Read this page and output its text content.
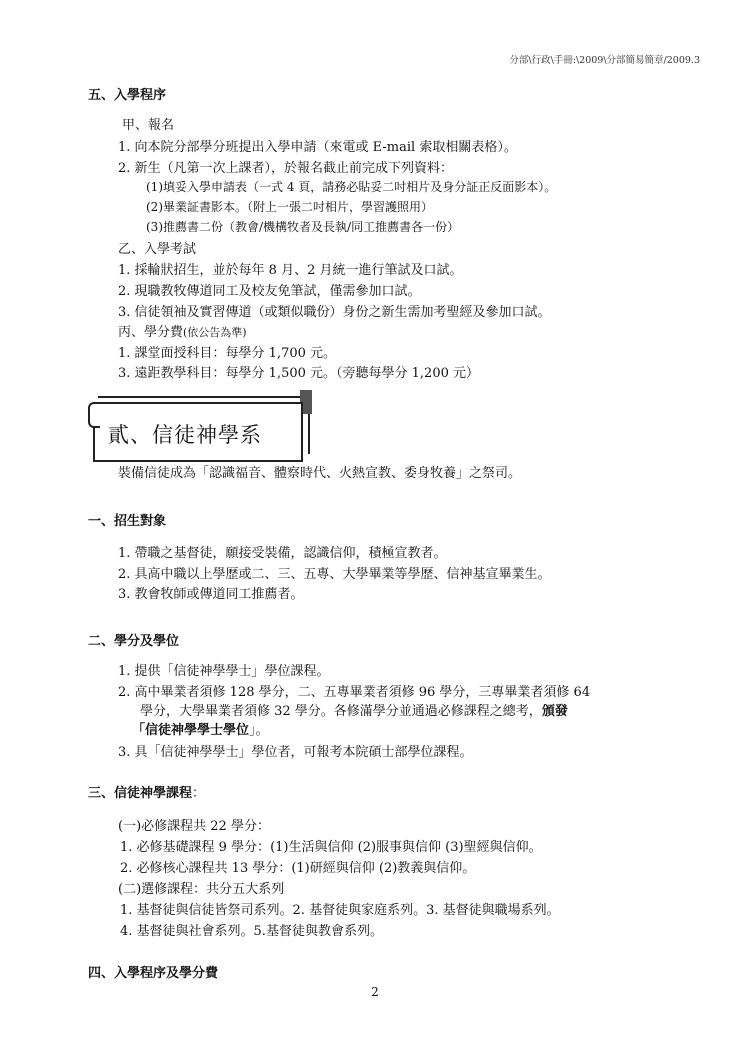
分部\行政\手冊:\2009\分部簡易簡章/2009.3
五、入學程序
甲、報名
1. 向本院分部學分班提出入學申請（來電或 E-mail 索取相關表格）。
2. 新生（凡第一次上課者），於報名截止前完成下列資料：
(1)填妥入學申請表（一式 4 頁，請務必貼妥二吋相片及身分証正反面影本）。
(2)畢業証書影本。（附上一張二吋相片，學習護照用）
(3)推薦書二份（教會/機構牧者及長執/同工推薦書各一份）
乙、入學考試
1. 採輪狀招生，並於每年 8 月、2 月統一進行筆試及口試。
2. 現職教牧傳道同工及校友免筆試，僅需參加口試。
3. 信徒領袖及實習傳道（或類似職份）身份之新生需加考聖經及參加口試。
丙、學分費(依公告為準)
1. 課堂面授科目：每學分 1,700 元。
3. 遠距教學科目：每學分 1,500 元。（旁聽每學分 1,200 元）
貳、信徒神學系
裝備信徒成為「認識福音、體察時代、火熱宣教、委身牧養」之祭司。
一、招生對象
1. 帶職之基督徒，願接受裝備，認識信仰，積極宣教者。
2. 具高中職以上學歷或二、三、五專、大學畢業等學歷、信神基宣畢業生。
3. 教會牧師或傳道同工推薦者。
二、學分及學位
1. 提供「信徒神學學士」學位課程。
2. 高中畢業者須修 128 學分，二、五專畢業者須修 96 學分，三專畢業者須修 64
學分，大學畢業者須修 32 學分。各修滿學分並通過必修課程之總考，頒發
「信徒神學學士學位」。
3. 具「信徒神學學士」學位者，可報考本院碩士部學位課程。
三、信徒神學課程：
(一)必修課程共 22 學分：
1. 必修基礎課程 9 學分：(1)生活與信仰 (2)服事與信仰 (3)聖經與信仰。
2. 必修核心課程共 13 學分：(1)研經與信仰 (2)教義與信仰。
(二)選修課程：共分五大系列
1. 基督徒與信徒皆祭司系列。2. 基督徒與家庭系列。3. 基督徒與職場系列。
4. 基督徒與社會系列。5.基督徒與教會系列。
四、入學程序及學分費
2
